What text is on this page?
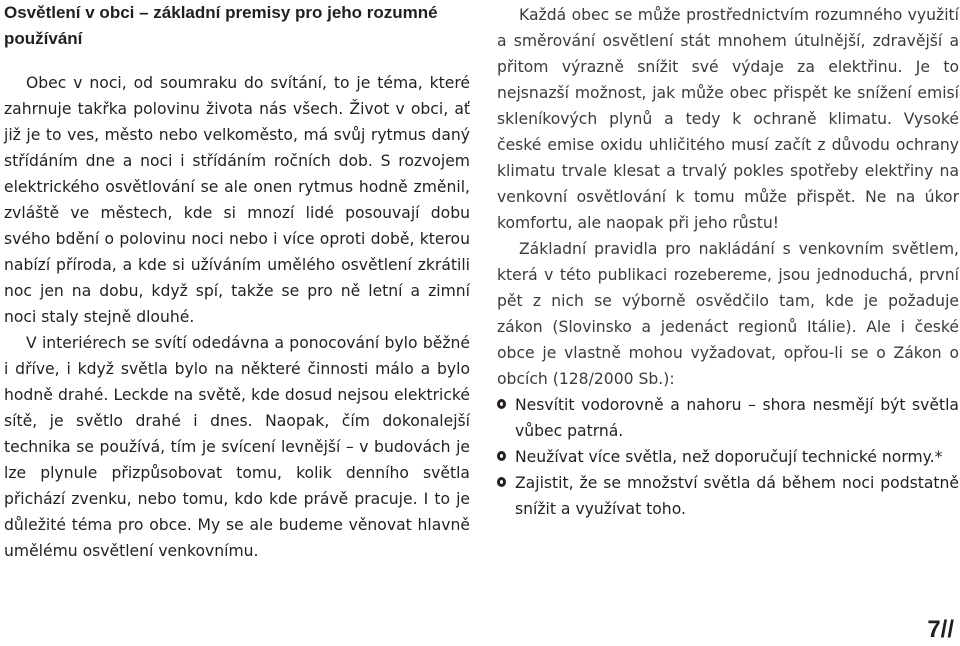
Osvětlení v obci – základní premisy pro jeho rozumné používání

Obec v noci, od soumraku do svítání, to je téma, které zahrnuje takřka polovinu života nás všech. Život v obci, ať již je to ves, město nebo velkoměsto, má svůj rytmus daný střídáním dne a noci i střídáním ročních dob. S rozvojem elektrického osvětlování se ale onen rytmus hodně změnil, zvláště ve městech, kde si mnozí lidé posouvají dobu svého bdění o polovinu noci nebo i více oproti době, kterou nabízí příroda, a kde si užíváním umělého osvětlení zkrátili noc jen na dobu, když spí, takže se pro ně letní a zimní noci staly stejně dlouhé.

V interiérech se svítí odedávna a ponocování bylo běžné i dříve, i když světla bylo na některé činnosti málo a bylo hodně drahé. Leckde na světě, kde dosud nejsou elektrické sítě, je světlo drahé i dnes. Naopak, čím dokonalejší technika se používá, tím je svícení levnější – v budovách je lze plynule přizpůsobovat tomu, kolik denního světla přichází zvenku, nebo tomu, kdo kde právě pracuje. I to je důležité téma pro obce. My se ale budeme věnovat hlavně umělému osvětlení venkovnímu.

Každá obec se může prostřednictvím rozumného využití a směrování osvětlení stát mnohem útulnější, zdravější a přitom výrazně snížit své výdaje za elektřinu. Je to nejsnazší možnost, jak může obec přispět ke snížení emisí skleníkových plynů a tedy k ochraně klimatu. Vysoké české emise oxidu uhličitého musí začít z důvodu ochrany klimatu trvale klesat a trvalý pokles spotřeby elektřiny na venkovní osvětlování k tomu může přispět. Ne na úkor komfortu, ale naopak při jeho růstu!

Základní pravidla pro nakládání s venkovním světlem, která v této publikaci rozebereme, jsou jednoduchá, první pět z nich se výborně osvědčilo tam, kde je požaduje zákon (Slovinsko a jedenáct regionů Itálie). Ale i české obce je vlastně mohou vyžadovat, opřou-li se o Zákon o obcích (128/2000 Sb.):

Nesvítit vodorovně a nahoru – shora nesmějí být světla vůbec patrná.
Neužívat více světla, než doporučují technické normy.*
Zajistit, že se množství světla dá během noci podstatně snížit a využívat toho.
7//
